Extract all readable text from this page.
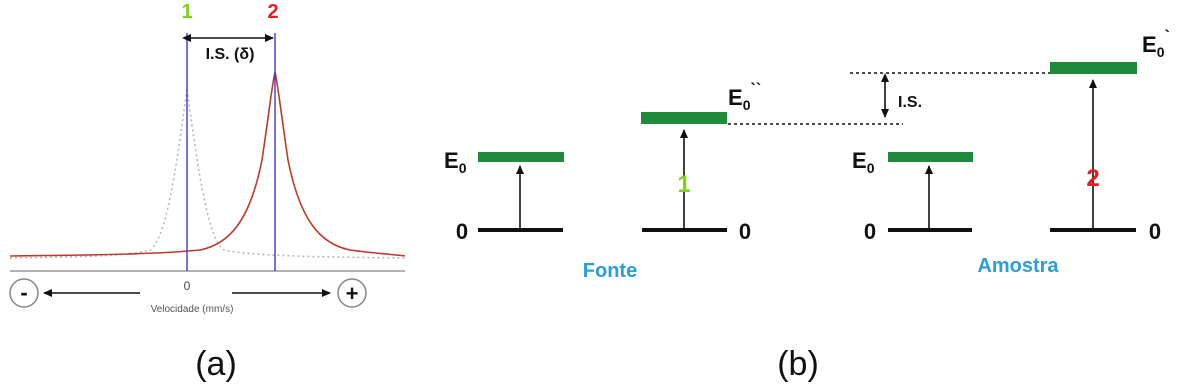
1	2
I.S. (δ)
0
-	+
Velocidade (mm/s)
(a)
0
$E_0$
0
$E_0^{``}$
1
Fonte
I.S.
0
$E_0$
0
$E_0^`$
2
Amostra
(b)
